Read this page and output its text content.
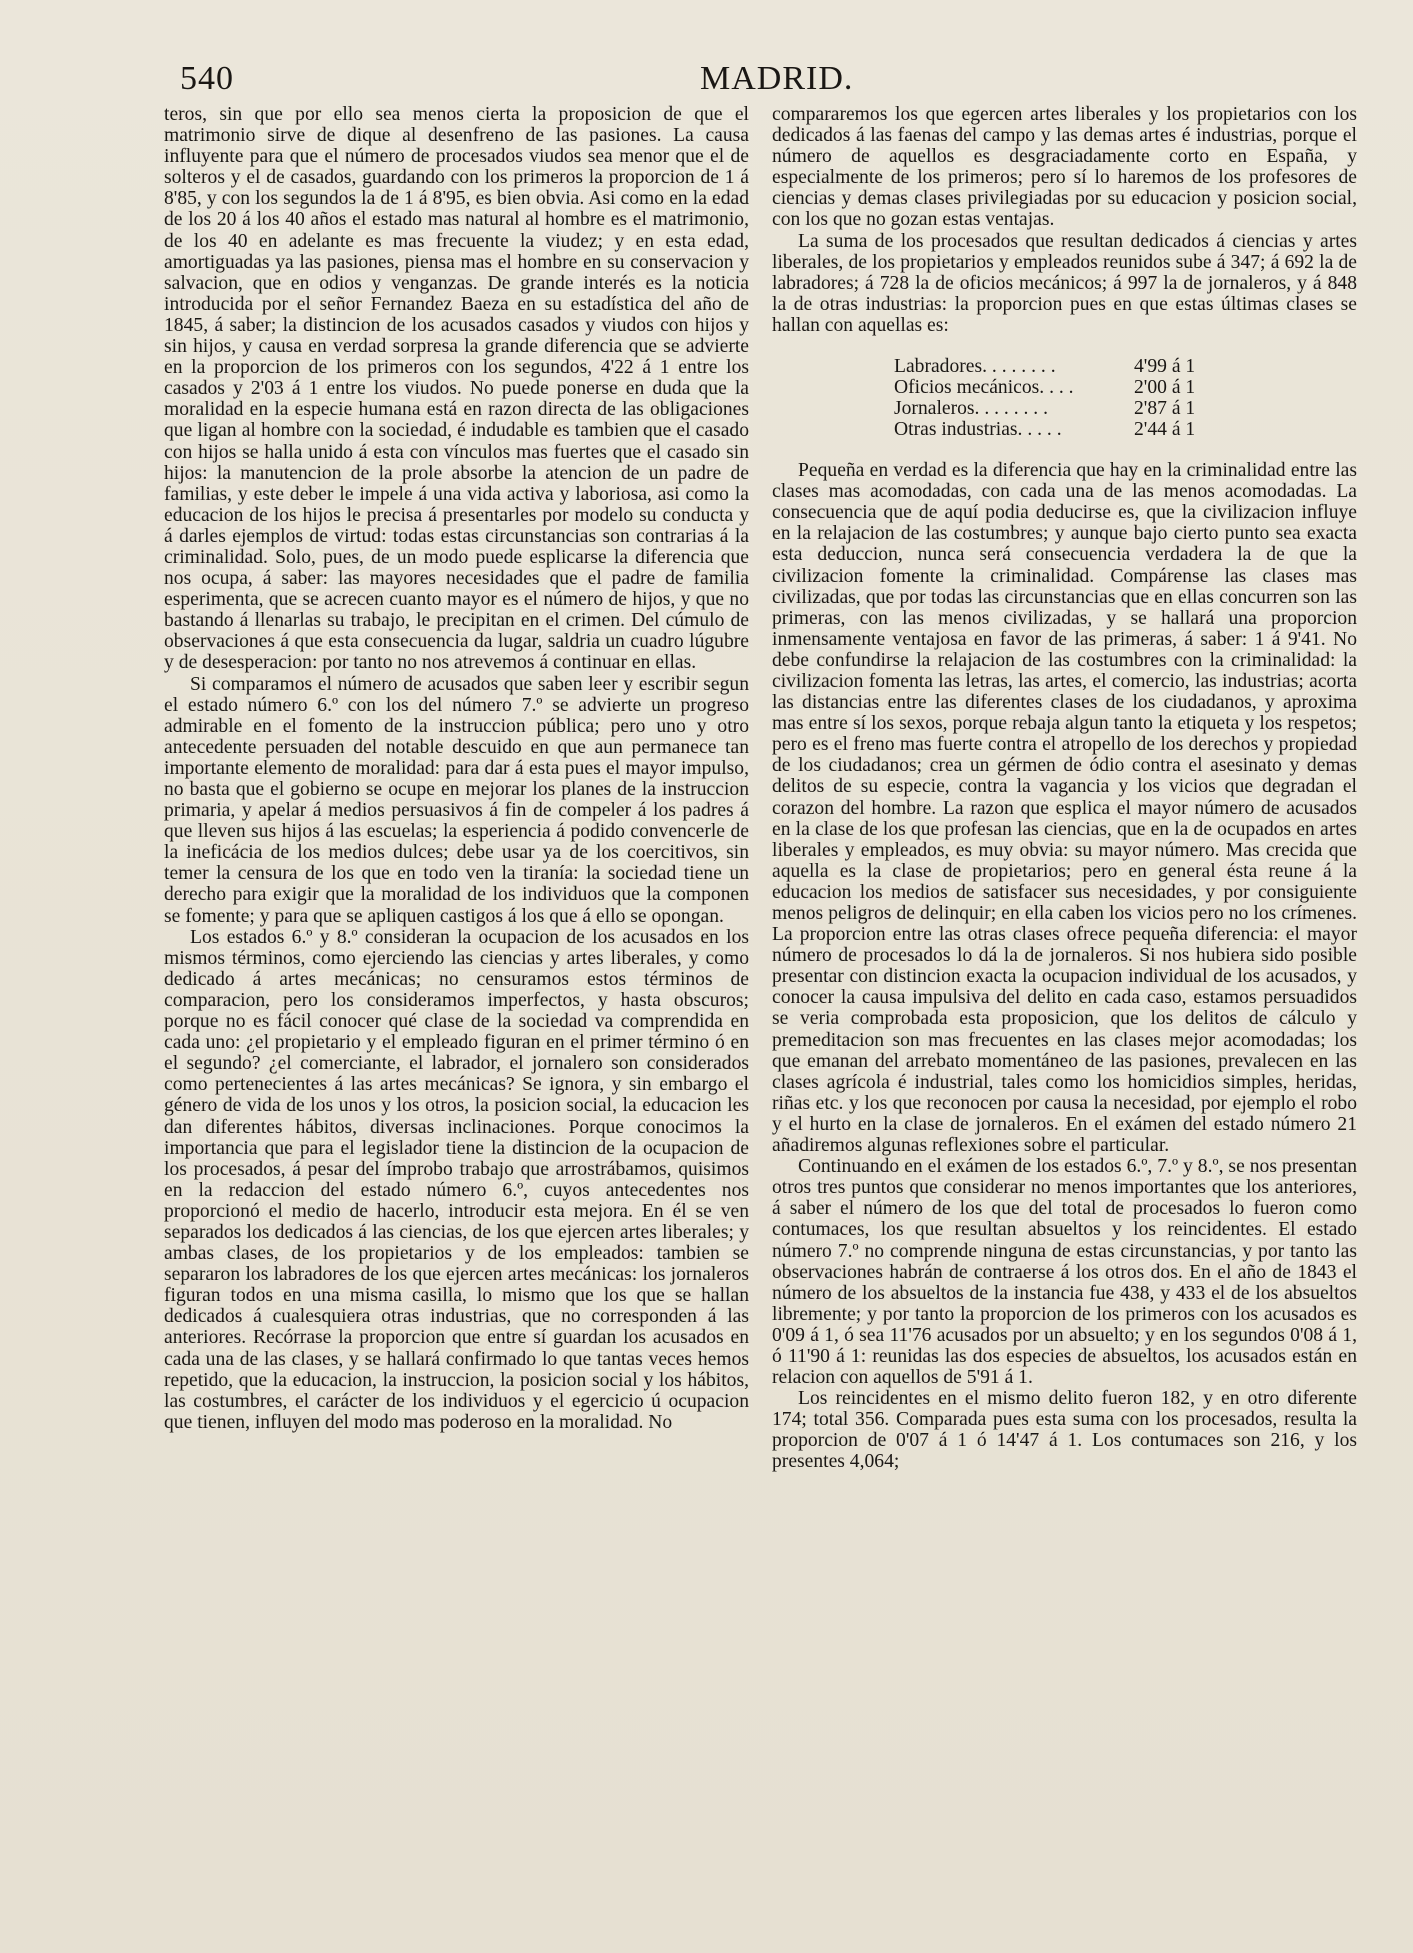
540	MADRID.

teros, sin que por ello sea menos cierta la proposicion de que el matrimonio sirve de dique al desenfreno de las pasiones. La causa influyente para que el número de procesados viudos sea menor que el de solteros y el de casados, guardando con los primeros la proporcion de 1 á 8'85, y con los segundos la de 1 á 8'95, es bien obvia. Asi como en la edad de los 20 á los 40 años el estado mas natural al hombre es el matrimonio, de los 40 en adelante es mas frecuente la viudez; y en esta edad, amortiguadas ya las pasiones, piensa mas el hombre en su conservacion y salvacion, que en odios y venganzas. De grande interés es la noticia introducida por el señor Fernandez Baeza en su estadística del año de 1845, á saber; la distincion de los acusados casados y viudos con hijos y sin hijos, y causa en verdad sorpresa la grande diferencia que se advierte en la proporcion de los primeros con los segundos, 4'22 á 1 entre los casados y 2'03 á 1 entre los viudos. No puede ponerse en duda que la moralidad en la especie humana está en razon directa de las obligaciones que ligan al hombre con la sociedad, é indudable es tambien que el casado con hijos se halla unido á esta con vínculos mas fuertes que el casado sin hijos: la manutencion de la prole absorbe la atencion de un padre de familias, y este deber le impele á una vida activa y laboriosa, asi como la educacion de los hijos le precisa á presentarles por modelo su conducta y á darles ejemplos de virtud: todas estas circunstancias son contrarias á la criminalidad. Solo, pues, de un modo puede esplicarse la diferencia que nos ocupa, á saber: las mayores necesidades que el padre de familia esperimenta, que se acrecen cuanto mayor es el número de hijos, y que no bastando á llenarlas su trabajo, le precipitan en el crimen. Del cúmulo de observaciones á que esta consecuencia da lugar, saldria un cuadro lúgubre y de desesperacion: por tanto no nos atrevemos á continuar en ellas.

Si comparamos el número de acusados que saben leer y escribir segun el estado número 6.º con los del número 7.º se advierte un progreso admirable en el fomento de la instruccion pública; pero uno y otro antecedente persuaden del notable descuido en que aun permanece tan importante elemento de moralidad: para dar á esta pues el mayor impulso, no basta que el gobierno se ocupe en mejorar los planes de la instruccion primaria, y apelar á medios persuasivos á fin de compeler á los padres á que lleven sus hijos á las escuelas; la esperiencia á podido convencerle de la ineficácia de los medios dulces; debe usar ya de los coercitivos, sin temer la censura de los que en todo ven la tiranía: la sociedad tiene un derecho para exigir que la moralidad de los individuos que la componen se fomente; y para que se apliquen castigos á los que á ello se opongan.

Los estados 6.º y 8.º consideran la ocupacion de los acusados en los mismos términos, como ejerciendo las ciencias y artes liberales, y como dedicado á artes mecánicas; no censuramos estos términos de comparacion, pero los consideramos imperfectos, y hasta obscuros; porque no es fácil conocer qué clase de la sociedad va comprendida en cada uno: ¿el propietario y el empleado figuran en el primer término ó en el segundo? ¿el comerciante, el labrador, el jornalero son considerados como pertenecientes á las artes mecánicas? Se ignora, y sin embargo el género de vida de los unos y los otros, la posicion social, la educacion les dan diferentes hábitos, diversas inclinaciones. Porque conocimos la importancia que para el legislador tiene la distincion de la ocupacion de los procesados, á pesar del ímprobo trabajo que arrostrábamos, quisimos en la redaccion del estado número 6.º, cuyos antecedentes nos proporcionó el medio de hacerlo, introducir esta mejora. En él se ven separados los dedicados á las ciencias, de los que ejercen artes liberales; y ambas clases, de los propietarios y de los empleados: tambien se separaron los labradores de los que ejercen artes mecánicas: los jornaleros figuran todos en una misma casilla, lo mismo que los que se hallan dedicados á cualesquiera otras industrias, que no corresponden á las anteriores. Recórrase la proporcion que entre sí guardan los acusados en cada una de las clases, y se hallará confirmado lo que tantas veces hemos repetido, que la educacion, la instruccion, la posicion social y los hábitos, las costumbres, el carácter de los individuos y el egercicio ú ocupacion que tienen, influyen del modo mas poderoso en la moralidad. No

compararemos los que egercen artes liberales y los propietarios con los dedicados á las faenas del campo y las demas artes é industrias, porque el número de aquellos es desgraciadamente corto en España, y especialmente de los primeros; pero sí lo haremos de los profesores de ciencias y demas clases privilegiadas por su educacion y posicion social, con los que no gozan estas ventajas.

La suma de los procesados que resultan dedicados á ciencias y artes liberales, de los propietarios y empleados reunidos sube á 347; á 692 la de labradores; á 728 la de oficios mecánicos; á 997 la de jornaleros, y á 848 la de otras industrias: la proporcion pues en que estas últimas clases se hallan con aquellas es:

Labradores. . . . . . . .	4'99 á 1
Oficios mecánicos. . . .	2'00 á 1
Jornaleros. . . . . . . .	2'87 á 1
Otras industrias. . . . .	2'44 á 1

Pequeña en verdad es la diferencia que hay en la criminalidad entre las clases mas acomodadas, con cada una de las menos acomodadas. La consecuencia que de aquí podia deducirse es, que la civilizacion influye en la relajacion de las costumbres; y aunque bajo cierto punto sea exacta esta deduccion, nunca será consecuencia verdadera la de que la civilizacion fomente la criminalidad. Compárense las clases mas civilizadas, que por todas las circunstancias que en ellas concurren son las primeras, con las menos civilizadas, y se hallará una proporcion inmensamente ventajosa en favor de las primeras, á saber: 1 á 9'41. No debe confundirse la relajacion de las costumbres con la criminalidad: la civilizacion fomenta las letras, las artes, el comercio, las industrias; acorta las distancias entre las diferentes clases de los ciudadanos, y aproxima mas entre sí los sexos, porque rebaja algun tanto la etiqueta y los respetos; pero es el freno mas fuerte contra el atropello de los derechos y propiedad de los ciudadanos; crea un gérmen de ódio contra el asesinato y demas delitos de su especie, contra la vagancia y los vicios que degradan el corazon del hombre. La razon que esplica el mayor número de acusados en la clase de los que profesan las ciencias, que en la de ocupados en artes liberales y empleados, es muy obvia: su mayor número. Mas crecida que aquella es la clase de propietarios; pero en general ésta reune á la educacion los medios de satisfacer sus necesidades, y por consiguiente menos peligros de delinquir; en ella caben los vicios pero no los crímenes. La proporcion entre las otras clases ofrece pequeña diferencia: el mayor número de procesados lo dá la de jornaleros. Si nos hubiera sido posible presentar con distincion exacta la ocupacion individual de los acusados, y conocer la causa impulsiva del delito en cada caso, estamos persuadidos se veria comprobada esta proposicion, que los delitos de cálculo y premeditacion son mas frecuentes en las clases mejor acomodadas; los que emanan del arrebato momentáneo de las pasiones, prevalecen en las clases agrícola é industrial, tales como los homicidios simples, heridas, riñas etc. y los que reconocen por causa la necesidad, por ejemplo el robo y el hurto en la clase de jornaleros. En el exámen del estado número 21 añadiremos algunas reflexiones sobre el particular.

Continuando en el exámen de los estados 6.º, 7.º y 8.º, se nos presentan otros tres puntos que considerar no menos importantes que los anteriores, á saber el número de los que del total de procesados lo fueron como contumaces, los que resultan absueltos y los reincidentes. El estado número 7.º no comprende ninguna de estas circunstancias, y por tanto las observaciones habrán de contraerse á los otros dos. En el año de 1843 el número de los absueltos de la instancia fue 438, y 433 el de los absueltos libremente; y por tanto la proporcion de los primeros con los acusados es 0'09 á 1, ó sea 11'76 acusados por un absuelto; y en los segundos 0'08 á 1, ó 11'90 á 1: reunidas las dos especies de absueltos, los acusados están en relacion con aquellos de 5'91 á 1.

Los reincidentes en el mismo delito fueron 182, y en otro diferente 174; total 356. Comparada pues esta suma con los procesados, resulta la proporcion de 0'07 á 1 ó 14'47 á 1. Los contumaces son 216, y los presentes 4,064;
